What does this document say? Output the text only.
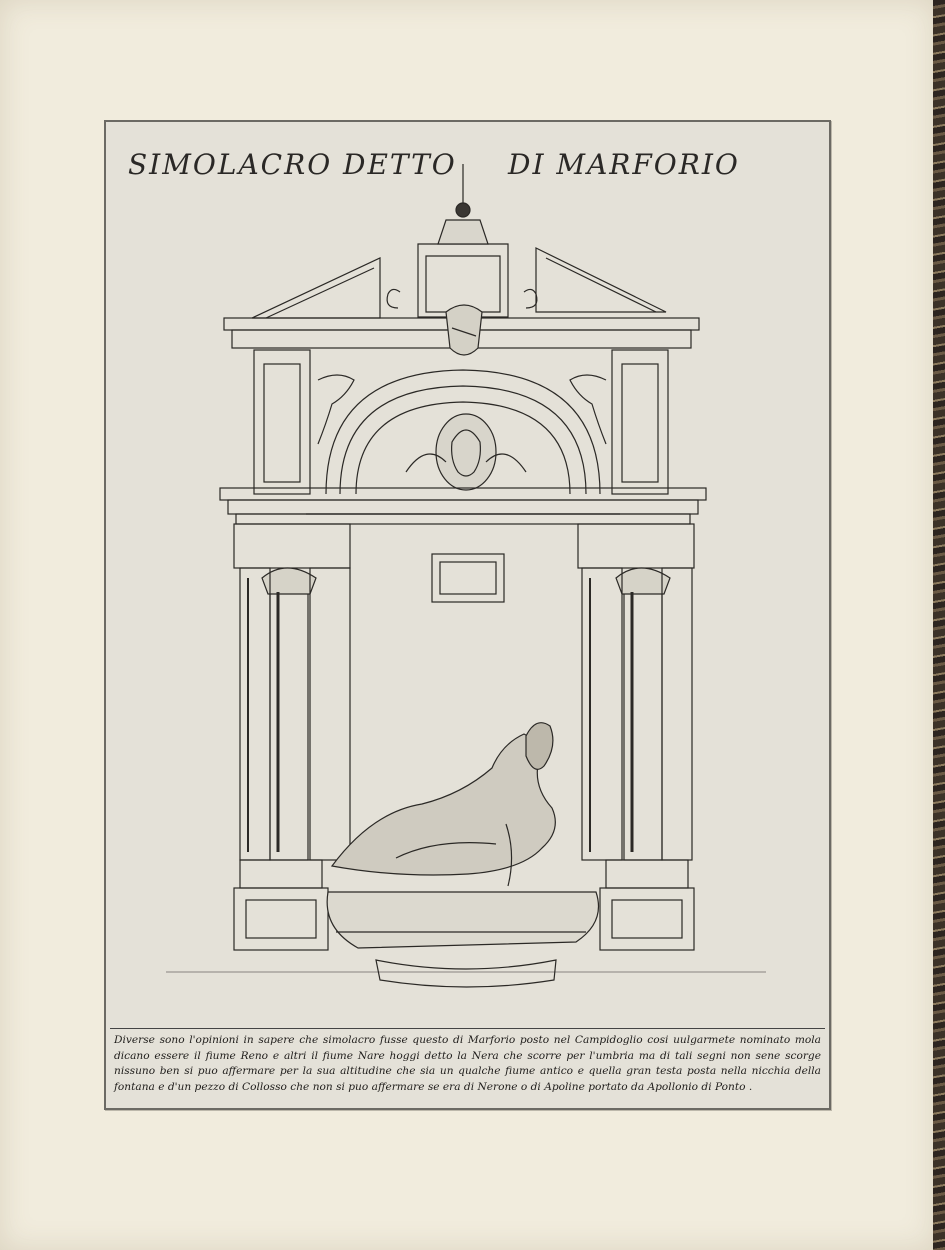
SIMOLACRO DETTO DI MARFORIO

Diverse sono l'opinioni in sapere che simolacro fusse questo di Marforio posto nel Campidoglio cosi uulgarmete nominato mola dicano essere il fiume Reno e altri il fiume Nare hoggi detto la Nera che scorre per l'umbria ma di tali segni non sene scorge nissuno ben si puo affermare per la sua altitudine che sia un qualche fiume antico e quella gran testa posta nella nicchia della fontana e d'un pezzo di Collosso che non si puo affermare se era di Nerone o di Apoline portato da Apollonio di Ponto .
